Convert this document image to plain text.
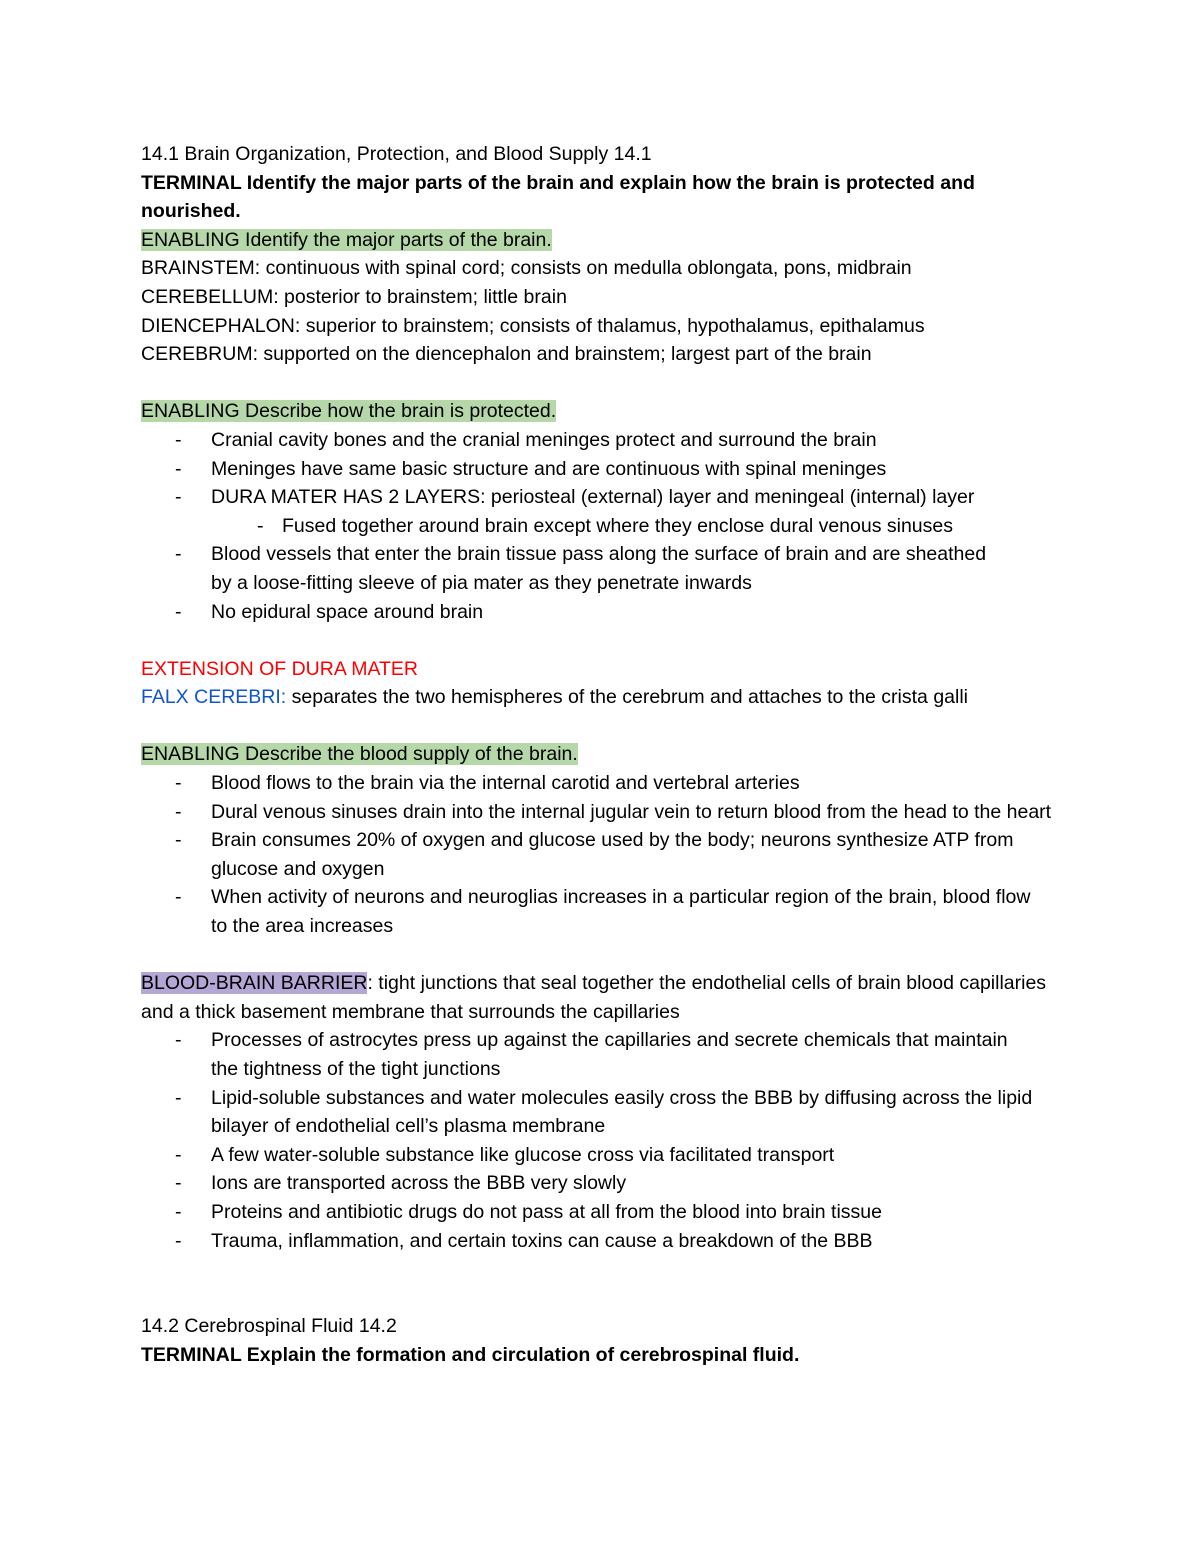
14.1 Brain Organization, Protection, and Blood Supply 14.1
TERMINAL Identify the major parts of the brain and explain how the brain is protected and nourished.
ENABLING Identify the major parts of the brain.
BRAINSTEM: continuous with spinal cord; consists on medulla oblongata, pons, midbrain
CEREBELLUM: posterior to brainstem; little brain
DIENCEPHALON: superior to brainstem; consists of thalamus, hypothalamus, epithalamus
CEREBRUM: supported on the diencephalon and brainstem; largest part of the brain
ENABLING Describe how the brain is protected.
- Cranial cavity bones and the cranial meninges protect and surround the brain
- Meninges have same basic structure and are continuous with spinal meninges
- DURA MATER HAS 2 LAYERS: periosteal (external) layer and meningeal (internal) layer
- Fused together around brain except where they enclose dural venous sinuses
- Blood vessels that enter the brain tissue pass along the surface of brain and are sheathed by a loose-fitting sleeve of pia mater as they penetrate inwards
- No epidural space around brain
EXTENSION OF DURA MATER
FALX CEREBRI: separates the two hemispheres of the cerebrum and attaches to the crista galli
ENABLING Describe the blood supply of the brain.
- Blood flows to the brain via the internal carotid and vertebral arteries
- Dural venous sinuses drain into the internal jugular vein to return blood from the head to the heart
- Brain consumes 20% of oxygen and glucose used by the body; neurons synthesize ATP from glucose and oxygen
- When activity of neurons and neuroglias increases in a particular region of the brain, blood flow to the area increases
BLOOD-BRAIN BARRIER: tight junctions that seal together the endothelial cells of brain blood capillaries and a thick basement membrane that surrounds the capillaries
- Processes of astrocytes press up against the capillaries and secrete chemicals that maintain the tightness of the tight junctions
- Lipid-soluble substances and water molecules easily cross the BBB by diffusing across the lipid bilayer of endothelial cell’s plasma membrane
- A few water-soluble substance like glucose cross via facilitated transport
- Ions are transported across the BBB very slowly
- Proteins and antibiotic drugs do not pass at all from the blood into brain tissue
- Trauma, inflammation, and certain toxins can cause a breakdown of the BBB
14.2 Cerebrospinal Fluid 14.2
TERMINAL Explain the formation and circulation of cerebrospinal fluid.
